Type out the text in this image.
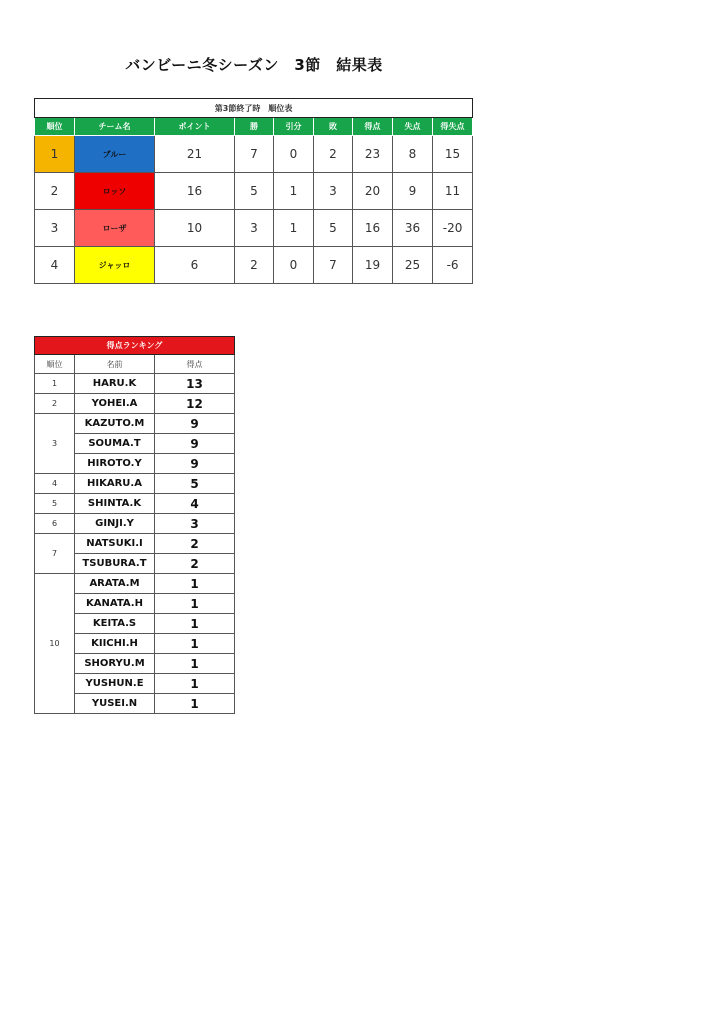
バンビーニ冬シーズン　3節　結果表
第3節終了時　順位表								
順位	チーム名	ポイント	勝	引分	敗	得点	失点	得失点
1	ブルー	21	7	0	2	23	8	15
2	ロッソ	16	5	1	3	20	9	11
3	ローザ	10	3	1	5	16	36	-20
4	ジャッロ	6	2	0	7	19	25	-6
得点ランキング		
順位	名前	得点
1	HARU.K	13
2	YOHEI.A	12
3	KAZUTO.M	9
	SOUMA.T	9
	HIROTO.Y	9
4	HIKARU.A	5
5	SHINTA.K	4
6	GINJI.Y	3
7	NATSUKI.I	2
	TSUBURA.T	2
10	ARATA.M	1
	KANATA.H	1
	KEITA.S	1
	KIICHI.H	1
	SHORYU.M	1
	YUSHUN.E	1
	YUSEI.N	1
